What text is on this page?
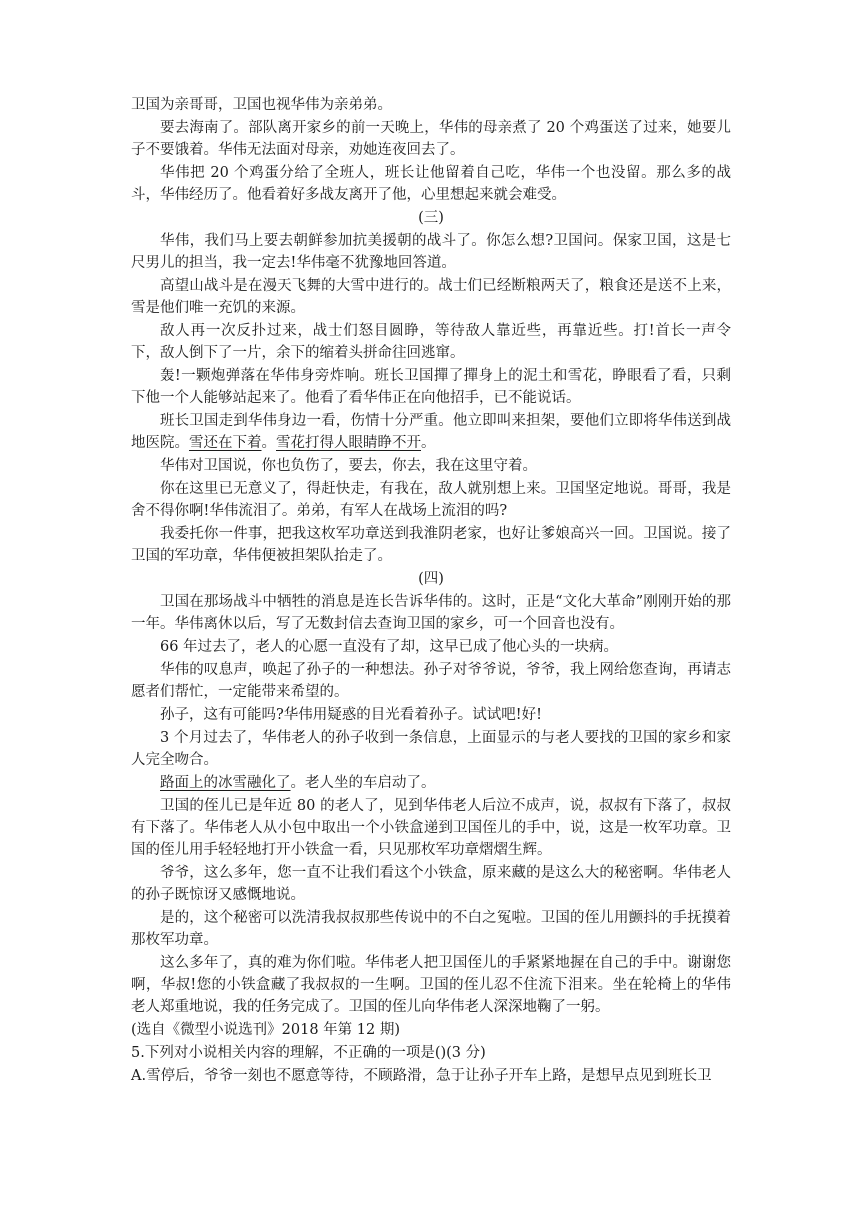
卫国为亲哥哥，卫国也视华伟为亲弟弟。

要去海南了。部队离开家乡的前一天晚上，华伟的母亲煮了 20 个鸡蛋送了过来，她要儿子不要饿着。华伟无法面对母亲，劝她连夜回去了。

华伟把 20 个鸡蛋分给了全班人，班长让他留着自己吃，华伟一个也没留。那么多的战斗，华伟经历了。他看着好多战友离开了他，心里想起来就会难受。

(三)

华伟，我们马上要去朝鲜参加抗美援朝的战斗了。你怎么想?卫国问。保家卫国，这是七尺男儿的担当，我一定去!华伟毫不犹豫地回答道。

高望山战斗是在漫天飞舞的大雪中进行的。战士们已经断粮两天了，粮食还是送不上来，雪是他们唯一充饥的来源。

敌人再一次反扑过来，战士们怒目圆睁，等待敌人靠近些，再靠近些。打!首长一声令下，敌人倒下了一片，余下的缩着头拼命往回逃窜。

轰!一颗炮弹落在华伟身旁炸响。班长卫国撣了撣身上的泥土和雪花，睁眼看了看，只剩下他一个人能够站起来了。他看了看华伟正在向他招手，已不能说话。

班长卫国走到华伟身边一看，伤情十分严重。他立即叫来担架，要他们立即将华伟送到战地医院。雪还在下着。雪花打得人眼睛睁不开。

华伟对卫国说，你也负伤了，要去，你去，我在这里守着。

你在这里已无意义了，得赶快走，有我在，敌人就别想上来。卫国坚定地说。哥哥，我是舍不得你啊!华伟流泪了。弟弟，有军人在战场上流泪的吗?

我委托你一件事，把我这枚军功章送到我淮阴老家，也好让爹娘高兴一回。卫国说。接了卫国的军功章，华伟便被担架队抬走了。

(四)

卫国在那场战斗中牺牲的消息是连长告诉华伟的。这时，正是“文化大革命”刚刚开始的那一年。华伟离休以后，写了无数封信去查询卫国的家乡，可一个回音也没有。

66 年过去了，老人的心愿一直没有了却，这早已成了他心头的一块病。

华伟的叹息声，唤起了孙子的一种想法。孙子对爷爷说，爷爷，我上网给您查询，再请志愿者们帮忙，一定能带来希望的。

孙子，这有可能吗?华伟用疑惑的目光看着孙子。试试吧!好!

3 个月过去了，华伟老人的孙子收到一条信息，上面显示的与老人要找的卫国的家乡和家人完全吻合。

路面上的冰雪融化了。老人坐的车启动了。

卫国的侄儿已是年近 80 的老人了，见到华伟老人后泣不成声，说，叔叔有下落了，叔叔有下落了。华伟老人从小包中取出一个小铁盒递到卫国侄儿的手中，说，这是一枚军功章。卫国的侄儿用手轻轻地打开小铁盒一看，只见那枚军功章熠熠生辉。

爷爷，这么多年，您一直不让我们看这个小铁盒，原来藏的是这么大的秘密啊。华伟老人的孙子既惊讶又感慨地说。

是的，这个秘密可以洗清我叔叔那些传说中的不白之冤啦。卫国的侄儿用颤抖的手抚摸着那枚军功章。

这么多年了，真的难为你们啦。华伟老人把卫国侄儿的手紧紧地握在自己的手中。谢谢您啊，华叔!您的小铁盒藏了我叔叔的一生啊。卫国的侄儿忍不住流下泪来。坐在轮椅上的华伟老人郑重地说，我的任务完成了。卫国的侄儿向华伟老人深深地鞠了一躬。

(选自《微型小说选刊》2018 年第 12 期)

5.下列对小说相关内容的理解，不正确的一项是()(3 分)

A.雪停后，爷爷一刻也不愿意等待，不顾路滑，急于让孙子开车上路，是想早点见到班长卫
